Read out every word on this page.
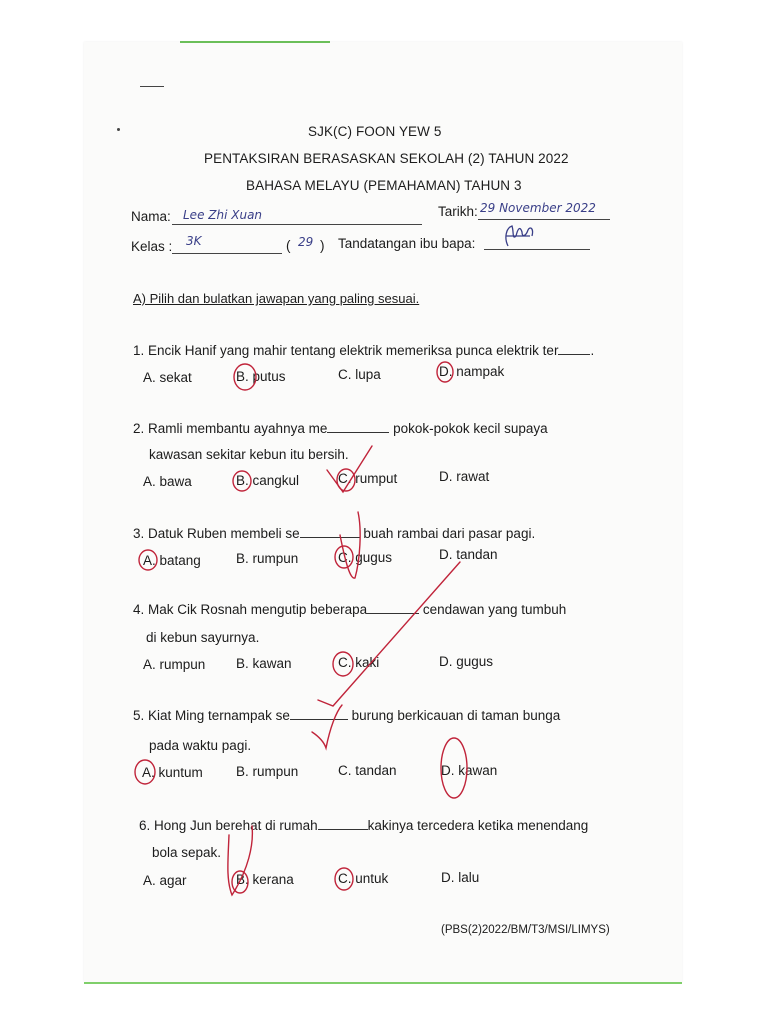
SJK(C) FOON YEW 5
PENTAKSIRAN BERASASKAN SEKOLAH (2) TAHUN 2022
BAHASA MELAYU (PEMAHAMAN) TAHUN 3
Nama: Lee Zhi Xuan	Tarikh: 29 November 2022
Kelas : 3K	( 29 ) Tandatangan ibu bapa:
A) Pilih dan bulatkan jawapan yang paling sesuai.
1. Encik Hanif yang mahir tentang elektrik memeriksa punca elektrik ter .
A. sekat	B. putus	C. lupa	D. nampak
2. Ramli membantu ayahnya me	pokok-pokok kecil supaya
kawasan sekitar kebun itu bersih.
A. bawa	B. cangkul	C. rumput	D. rawat
3. Datuk Ruben membeli se	buah rambai dari pasar pagi.
A. batang	B. rumpun	C. gugus	D. tandan
4. Mak Cik Rosnah mengutip beberapa	cendawan yang tumbuh
di kebun sayurnya.
A. rumpun B. kawan	C. kaki	D. gugus
5. Kiat Ming ternampak se	burung berkicauan di taman bunga
pada waktu pagi.
A. kuntum B. rumpun	C. tandan	D. kawan
6. Hong Jun berehat di rumah	kakinya tercedera ketika menendang
bola sepak.
A. agar	B. kerana	C. untuk	D. lalu
(PBS(2)2022/BM/T3/MSI/LIMYS)
